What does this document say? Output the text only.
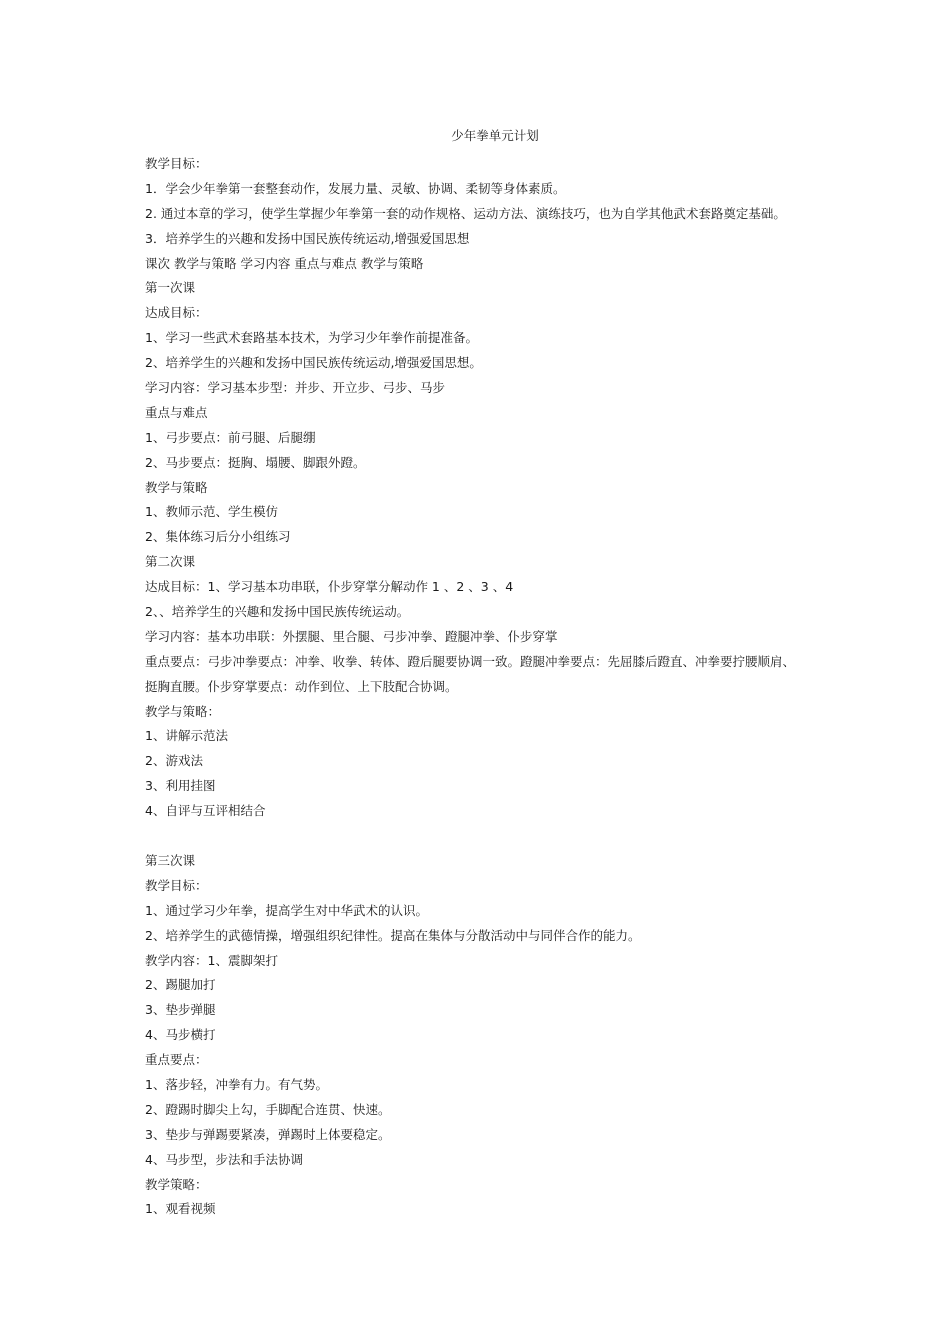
少年拳单元计划
教学目标：
1．学会少年拳第一套整套动作，发展力量、灵敏、协调、柔韧等身体素质。
2. 通过本章的学习，使学生掌握少年拳第一套的动作规格、运动方法、演练技巧，也为自学其他武术套路奠定基础。
3．培养学生的兴趣和发扬中国民族传统运动,增强爱国思想
课次 教学与策略 学习内容 重点与难点 教学与策略
第一次课
达成目标：
1、学习一些武术套路基本技术，为学习少年拳作前提准备。
2、培养学生的兴趣和发扬中国民族传统运动,增强爱国思想。
学习内容：学习基本步型：并步、开立步、弓步、马步
重点与难点
1、弓步要点：前弓腿、后腿绷
2、马步要点：挺胸、塌腰、脚跟外蹬。
教学与策略
1、教师示范、学生模仿
2、集体练习后分小组练习
第二次课
达成目标：1、学习基本功串联，仆步穿掌分解动作 1 、2 、3 、4
2、、培养学生的兴趣和发扬中国民族传统运动。
学习内容：基本功串联：外摆腿、里合腿、弓步冲拳、蹬腿冲拳、仆步穿掌
重点要点：弓步冲拳要点：冲拳、收拳、转体、蹬后腿要协调一致。蹬腿冲拳要点：先屈膝后蹬直、冲拳要拧腰顺肩、
挺胸直腰。仆步穿掌要点：动作到位、上下肢配合协调。
教学与策略：
1、讲解示范法
2、游戏法
3、利用挂图
4、自评与互评相结合
第三次课
教学目标：
1、通过学习少年拳，提高学生对中华武术的认识。
2、培养学生的武德情操，增强组织纪律性。提高在集体与分散活动中与同伴合作的能力。
教学内容：1、震脚架打
2、踢腿加打
3、垫步弹腿
4、马步横打
重点要点：
1、落步轻，冲拳有力。有气势。
2、蹬踢时脚尖上勾，手脚配合连贯、快速。
3、垫步与弹踢要紧凑，弹踢时上体要稳定。
4、马步型，步法和手法协调
教学策略：
1、观看视频
